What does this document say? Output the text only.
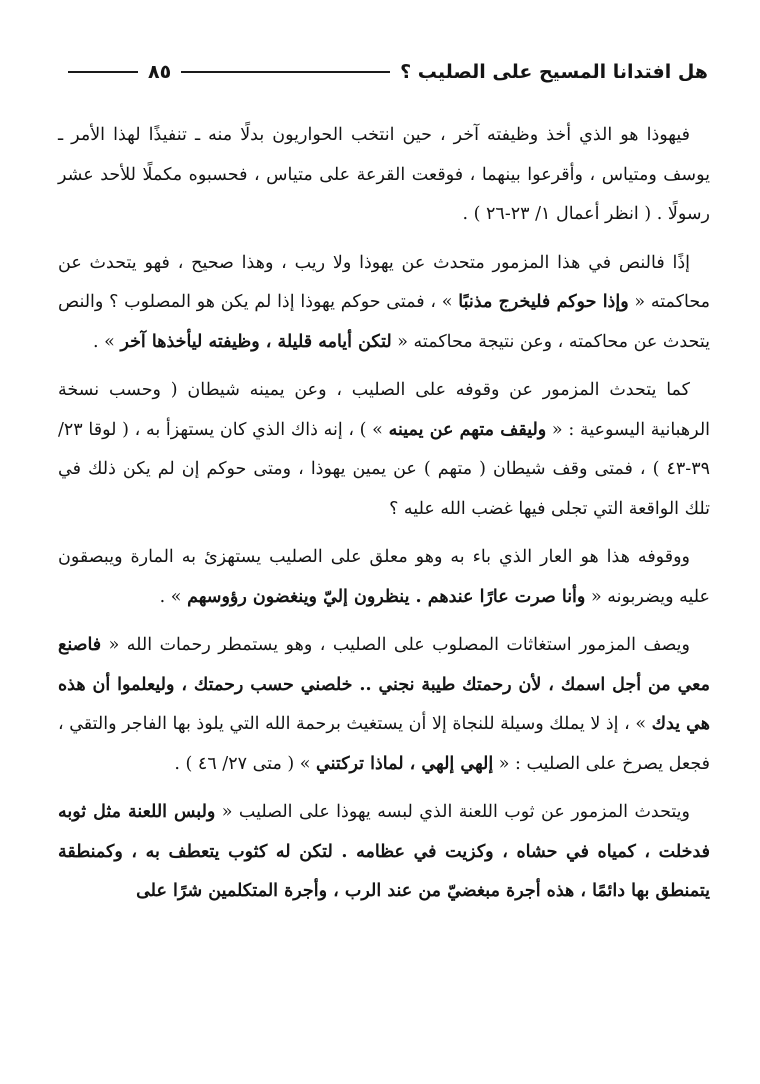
هل افتدانا المسيح على الصليب ؟
٨٥

فيهوذا هو الذي أخذ وظيفته آخر ، حين انتخب الحواريون بدلًا منه ـ تنفيذًا لهذا الأمر ـ يوسف ومتياس ، وأقرعوا بينهما ، فوقعت القرعة على متياس ، فحسبوه مكملًا للأحد عشر رسولًا . ( انظر أعمال ١/ ٢٣-٢٦ ) .

إذًا فالنص في هذا المزمور متحدث عن يهوذا ولا ريب ، وهذا صحيح ، فهو يتحدث عن محاكمته « وإذا حوكم فليخرج مذنبًا » ، فمتى حوكم يهوذا إذا لم يكن هو المصلوب ؟ والنص يتحدث عن محاكمته ، وعن نتيجة محاكمته « لتكن أيامه قليلة ، وظيفته ليأخذها آخر » .

كما يتحدث المزمور عن وقوفه على الصليب ، وعن يمينه شيطان ( وحسب نسخة الرهبانية اليسوعية : « وليقف متهم عن يمينه » ) ، إنه ذاك الذي كان يستهزأ به ، ( لوقا ٢٣/ ٣٩-٤٣ ) ، فمتى وقف شيطان ( متهم ) عن يمين يهوذا ، ومتى حوكم إن لم يكن ذلك في تلك الواقعة التي تجلى فيها غضب الله عليه ؟

ووقوفه هذا هو العار الذي باء به وهو معلق على الصليب يستهزئ به المارة ويبصقون عليه ويضربونه « وأنا صرت عارًا عندهم . ينظرون إليّ وينغضون رؤوسهم » .

ويصف المزمور استغاثات المصلوب على الصليب ، وهو يستمطر رحمات الله « فاصنع معي من أجل اسمك ، لأن رحمتك طيبة نجني .. خلصني حسب رحمتك ، وليعلموا أن هذه هي يدك » ، إذ لا يملك وسيلة للنجاة إلا أن يستغيث برحمة الله التي يلوذ بها الفاجر والتقي ، فجعل يصرخ على الصليب : « إلهي إلهي ، لماذا تركتني » ( متى ٢٧/ ٤٦ ) .

ويتحدث المزمور عن ثوب اللعنة الذي لبسه يهوذا على الصليب « ولبس اللعنة مثل ثوبه فدخلت ، كمياه في حشاه ، وكزيت في عظامه . لتكن له كثوب يتعطف به ، وكمنطقة يتمنطق بها دائمًا ، هذه أجرة مبغضيّ من عند الرب ، وأجرة المتكلمين شرًا على
